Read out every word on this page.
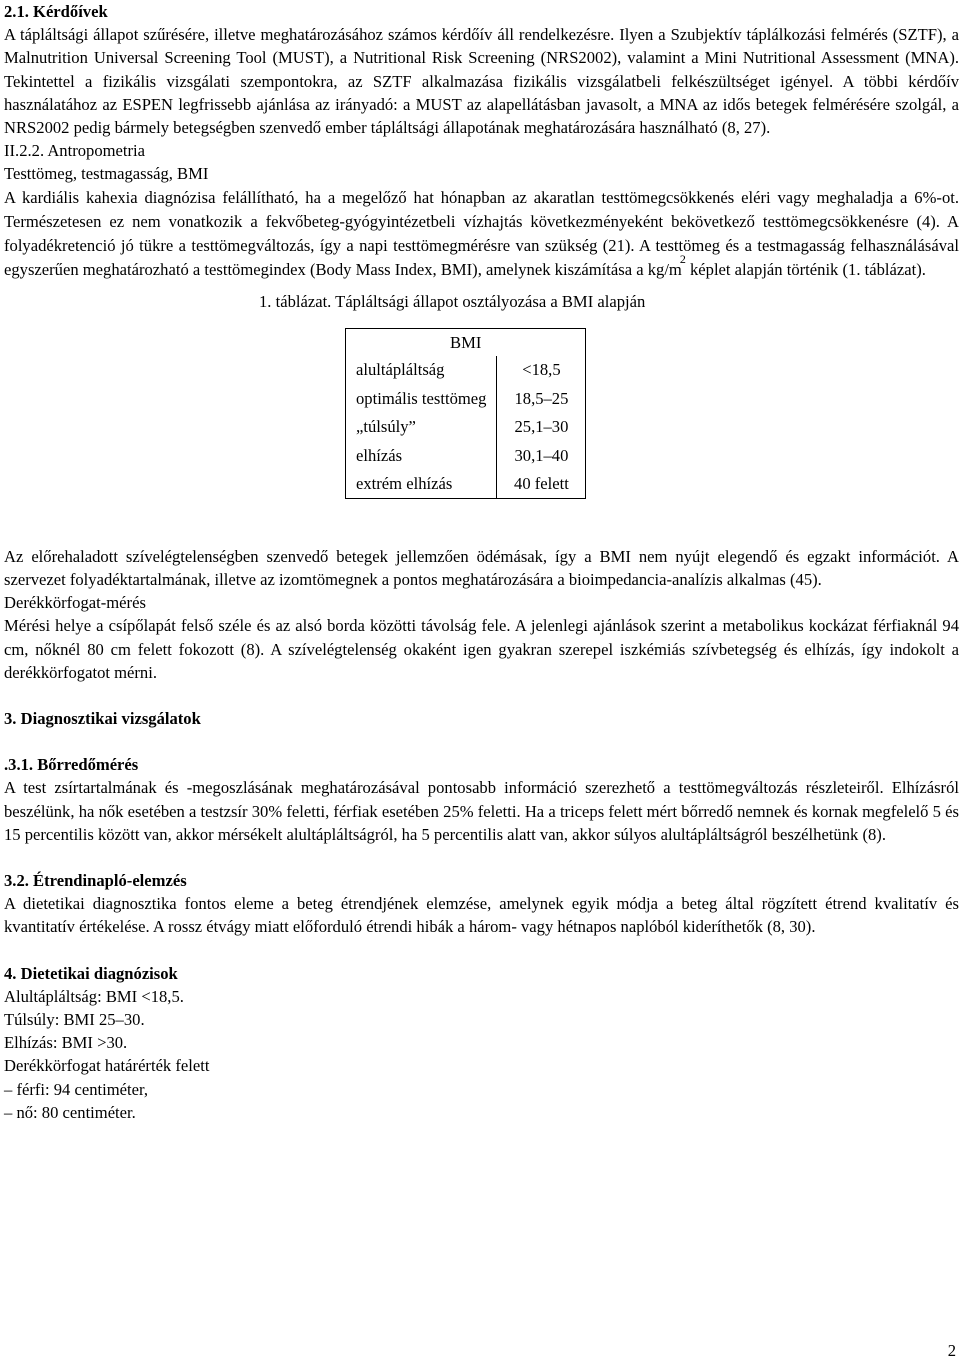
2.1. Kérdőívek

A tápláltsági állapot szűrésére, illetve meghatározásához számos kérdőív áll rendelkezésre. Ilyen a Szubjektív táplálkozási felmérés (SZTF), a Malnutrition Universal Screening Tool (MUST), a Nutritional Risk Screening (NRS2002), valamint a Mini Nutritional Assessment (MNA). Tekintettel a fizikális vizsgálati szempontokra, az SZTF alkalmazása fizikális vizsgálatbeli felkészültséget igényel. A többi kérdőív használatához az ESPEN legfrissebb ajánlása az irányadó: a MUST az alapellátásban javasolt, a MNA az idős betegek felmérésére szolgál, a NRS2002 pedig bármely betegségben szenvedő ember tápláltsági állapotának meghatározására használható (8, 27).

II.2.2. Antropometria

Testtömeg, testmagasság, BMI

A kardiális kahexia diagnózisa felállítható, ha a megelőző hat hónapban az akaratlan testtömegcsökkenés eléri vagy meghaladja a 6%-ot. Természetesen ez nem vonatkozik a fekvőbeteg-gyógyintézetbeli vízhajtás következményeként bekövetkező testtömegcsökkenésre (4). A folyadékretenció jó tükre a testtömegváltozás, így a napi testtömegmérésre van szükség (21). A testtömeg és a testmagasság felhasználásával egyszerűen meghatározható a testtömegindex (Body Mass Index, BMI), amelynek kiszámítása a $kg/m^2$ képlet alapján történik (1. táblázat).

1. táblázat. Tápláltsági állapot osztályozása a BMI alapján

BMI	
alultápláltság	<18,5
optimális testtömeg	18,5–25
„túlsúly”	25,1–30
elhízás	30,1–40
extrém elhízás	40 felett

Az előrehaladott szívelégtelenségben szenvedő betegek jellemzően ödémásak, így a BMI nem nyújt elegendő és egzakt információt. A szervezet folyadéktartalmának, illetve az izomtömegnek a pontos meghatározására a bioimpedancia-analízis alkalmas (45).

Derékkörfogat-mérés

Mérési helye a csípőlapát felső széle és az alsó borda közötti távolság fele. A jelenlegi ajánlások szerint a metabolikus kockázat férfiaknál 94 cm, nőknél 80 cm felett fokozott (8). A szívelégtelenség okaként igen gyakran szerepel iszkémiás szívbetegség és elhízás, így indokolt a derékkörfogatot mérni.

3. Diagnosztikai vizsgálatok

.3.1. Bőrredőmérés

A test zsírtartalmának és -megoszlásának meghatározásával pontosabb információ szerezhető a testtömegváltozás részleteiről. Elhízásról beszélünk, ha nők esetében a testzsír 30% feletti, férfiak esetében 25% feletti. Ha a triceps felett mért bőrredő nemnek és kornak megfelelő 5 és 15 percentilis között van, akkor mérsékelt alultápláltságról, ha 5 percentilis alatt van, akkor súlyos alultápláltságról beszélhetünk (8).

3.2. Étrendinapló-elemzés

A dietetikai diagnosztika fontos eleme a beteg étrendjének elemzése, amelynek egyik módja a beteg által rögzített étrend kvalitatív és kvantitatív értékelése. A rossz étvágy miatt előforduló étrendi hibák a három- vagy hétnapos naplóból kideríthetők (8, 30).

4. Dietetikai diagnózisok

Alultápláltság: BMI <18,5.

Túlsúly: BMI 25–30.

Elhízás: BMI >30.

Derékkörfogat határérték felett

– férfi: 94 centiméter,

– nő: 80 centiméter.

2
